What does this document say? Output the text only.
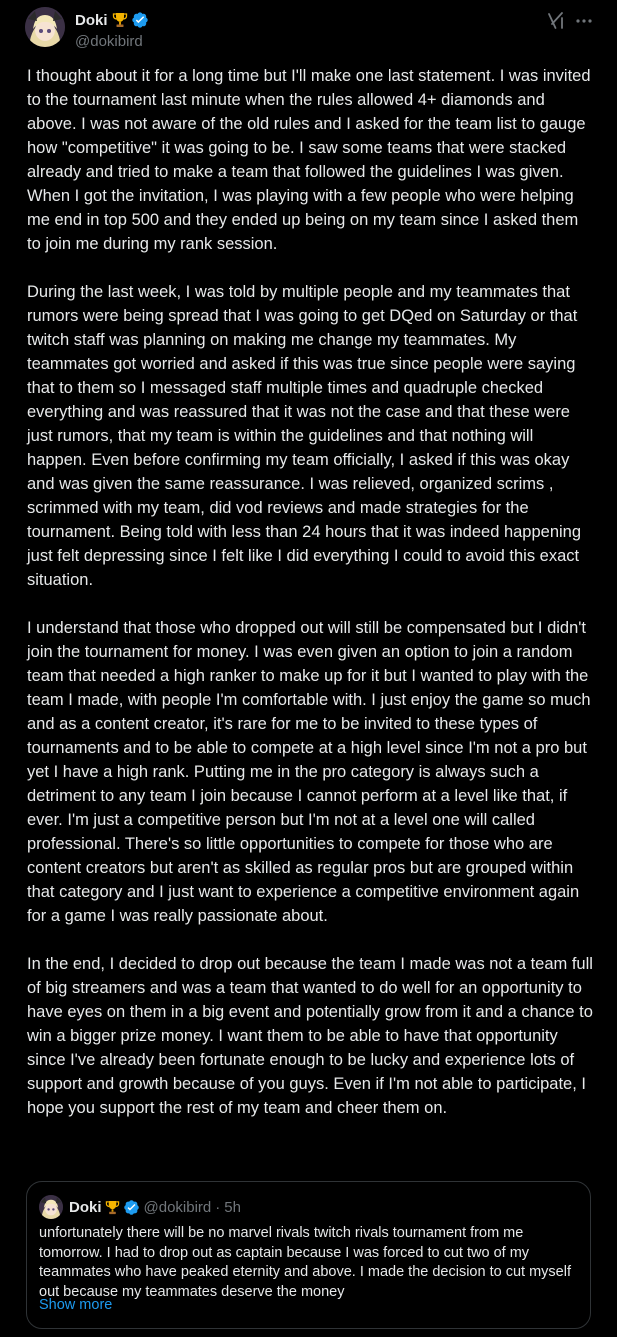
Doki
@dokibird

I thought about it for a long time but I'll make one last statement. I was invited to the tournament last minute when the rules allowed 4+ diamonds and above. I was not aware of the old rules and I asked for the team list to gauge how "competitive" it was going to be. I saw some teams that were stacked already and tried to make a team that followed the guidelines I was given. When I got the invitation, I was playing with a few people who were helping me end in top 500 and they ended up being on my team since I asked them to join me during my rank session.

During the last week, I was told by multiple people and my teammates that rumors were being spread that I was going to get DQed on Saturday or that twitch staff was planning on making me change my teammates. My teammates got worried and asked if this was true since people were saying that to them so I messaged staff multiple times and quadruple checked everything and was reassured that it was not the case and that these were just rumors, that my team is within the guidelines and that nothing will happen. Even before confirming my team officially, I asked if this was okay and was given the same reassurance. I was relieved, organized scrims , scrimmed with my team, did vod reviews and made strategies for the tournament. Being told with less than 24 hours that it was indeed happening just felt depressing since I felt like I did everything I could to avoid this exact situation.

I understand that those who dropped out will still be compensated but I didn't join the tournament for money. I was even given an option to join a random team that needed a high ranker to make up for it but I wanted to play with the team I made, with people I'm comfortable with. I just enjoy the game so much and as a content creator, it's rare for me to be invited to these types of tournaments and to be able to compete at a high level since I'm not a pro but yet I have a high rank. Putting me in the pro category is always such a detriment to any team I join because I cannot perform at a level like that, if ever. I'm just a competitive person but I'm not at a level one will called professional. There's so little opportunities to compete for those who are content creators but aren't as skilled as regular pros but are grouped within that category and I just want to experience a competitive environment again for a game I was really passionate about.

In the end, I decided to drop out because the team I made was not a team full of big streamers and was a team that wanted to do well for an opportunity to have eyes on them in a big event and potentially grow from it and a chance to win a bigger prize money. I want them to be able to have that opportunity since I've already been fortunate enough to be lucky and experience lots of support and growth because of you guys. Even if I'm not able to participate, I hope you support the rest of my team and cheer them on.

Doki	@dokibird · 5h
unfortunately there will be no marvel rivals twitch rivals tournament from me tomorrow. I had to drop out as captain because I was forced to cut two of my teammates who have peaked eternity and above. I made the decision to cut myself out because my teammates deserve the money
Show more
